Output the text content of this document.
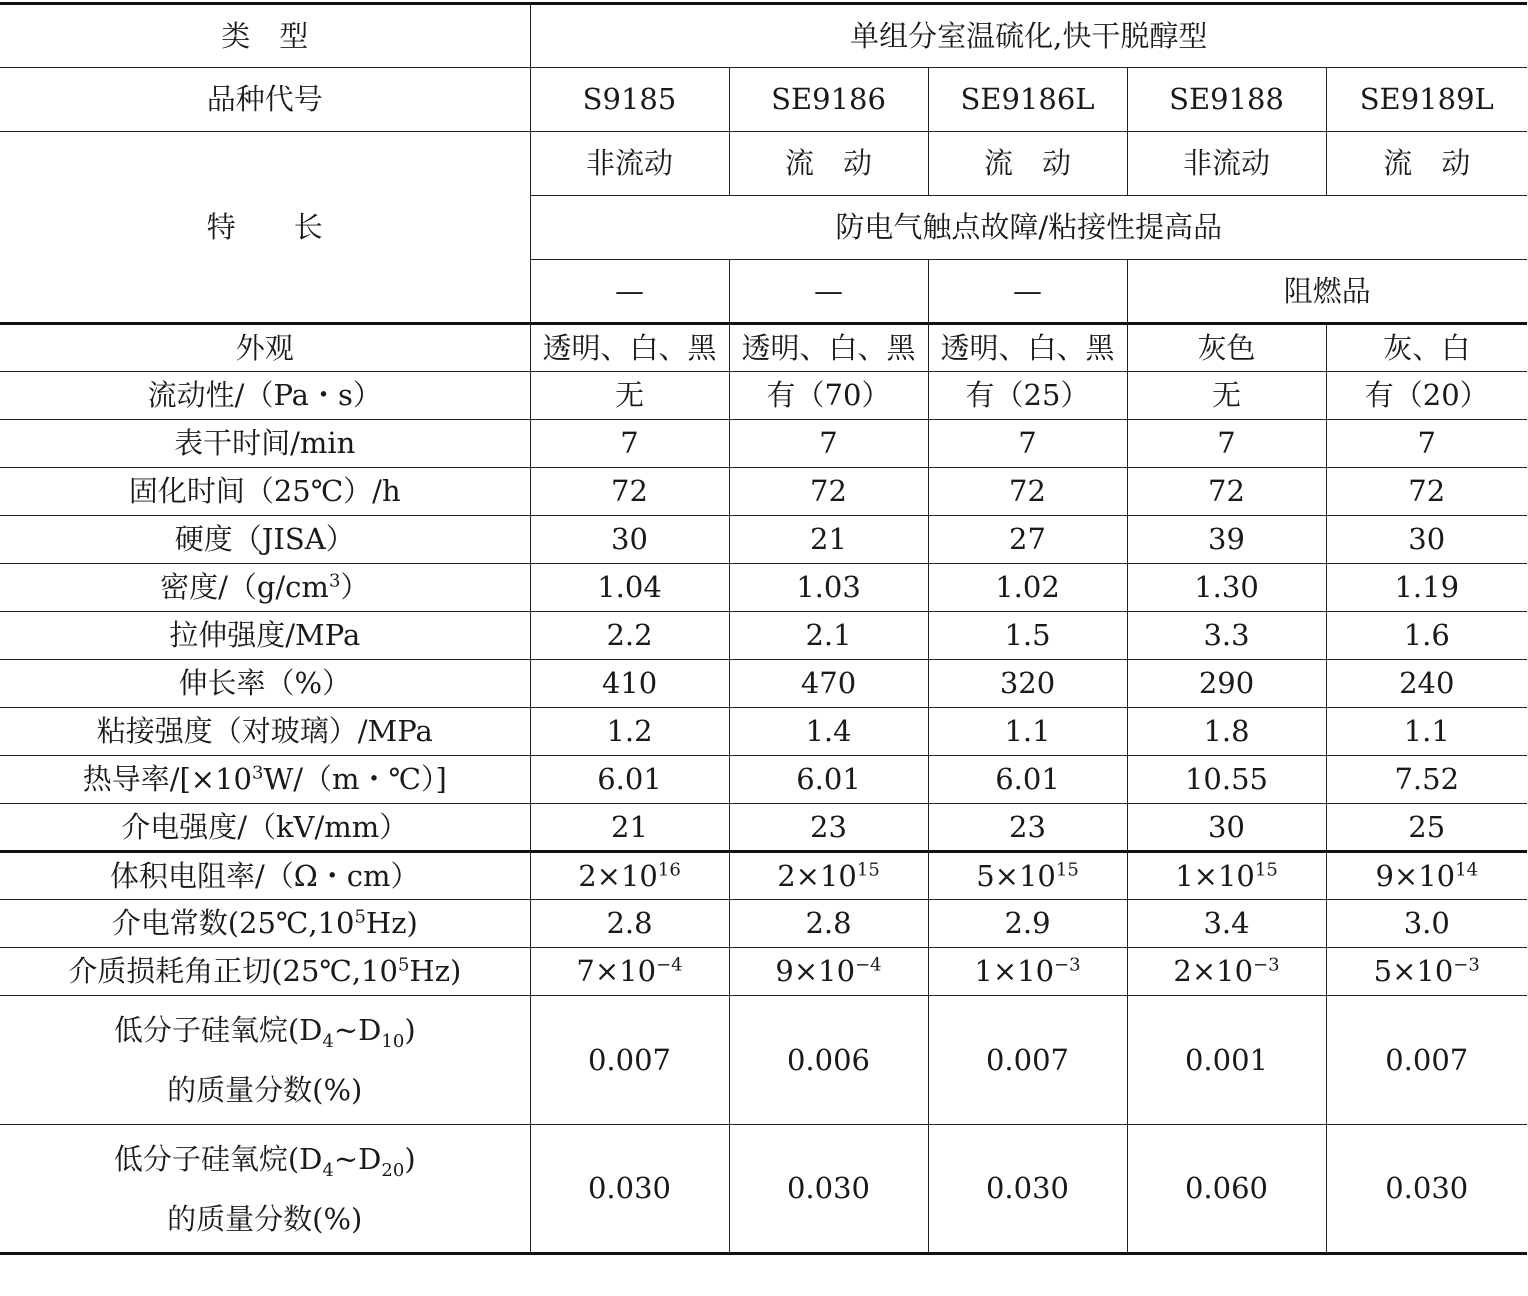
类　型	单组分室温硫化,快干脱醇型				
品种代号	S9185	SE9186	SE9186L	SE9188	SE9189L
特　　长	非流动	流　动	流　动	非流动	流　动
	防电气触点故障/粘接性提高品				
	—	—	—	阻燃品	
外观	透明、白、黑	透明、白、黑	透明、白、黑	灰色	灰、白
流动性/（Pa・s）	无	有（70）	有（25）	无	有（20）
表干时间/min	7	7	7	7	7
固化时间（25℃）/h	72	72	72	72	72
硬度（JISA）	30	21	27	39	30
密度$/(g/cm^3)$	1.04	1.03	1.02	1.30	1.19
拉伸强度/MPa	2.2	2.1	1.5	3.3	1.6
伸长率（%）	410	470	320	290	240
粘接强度（对玻璃）/MPa	1.2	1.4	1.1	1.8	1.1
热导率$/[\times 10^3W/(m$・℃）]	6.01	6.01	6.01	10.55	7.52
介电强度/（kV/mm）	21	23	23	30	25
体积电阻率/（Ω・cm）	$2\times 10^{16}$	$2\times 10^{15}$	$5\times 10^{15}$	$1\times 10^{15}$	$9\times 10^{14}$
介电常数$(25℃,10^5Hz)$	2.8	2.8	2.9	3.4	3.0
介质损耗角正切$(25℃,10^5Hz)$	$7\times 10^{-4}$	$9\times 10^{-4}$	$1\times 10^{-3}$	$2\times 10^{-3}$	$5\times 10^{-3}$

低分子硅氧烷$(D_4\sim D_{10})$
的质量分数(%)	0.007	0.006	0.007	0.001	0.007

低分子硅氧烷$(D_4\sim D_{20})$
的质量分数(%)	0.030	0.030	0.030	0.060	0.030
